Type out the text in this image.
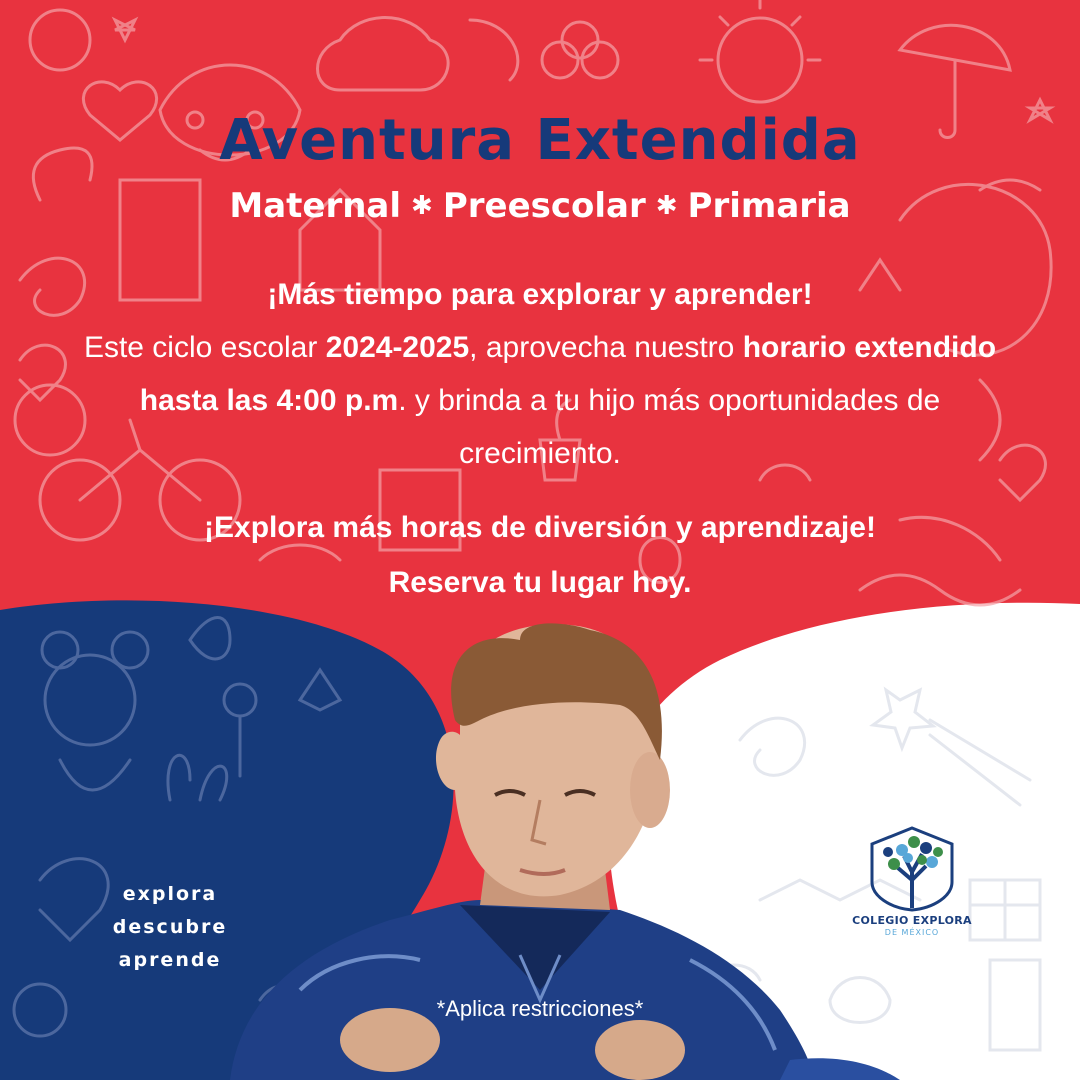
Aventura Extendida

Maternal ✱ Preescolar ✱ Primaria

¡Más tiempo para explorar y aprender!
Este ciclo escolar 2024-2025, aprovecha nuestro horario extendido hasta las 4:00 p.m. y brinda a tu hijo más oportunidades de crecimiento.

¡Explora más horas de diversión y aprendizaje!
Reserva tu lugar hoy.

explora
descubre
aprende
*Aplica restricciones*
COLEGIO EXPLORA
DE MÉXICO
